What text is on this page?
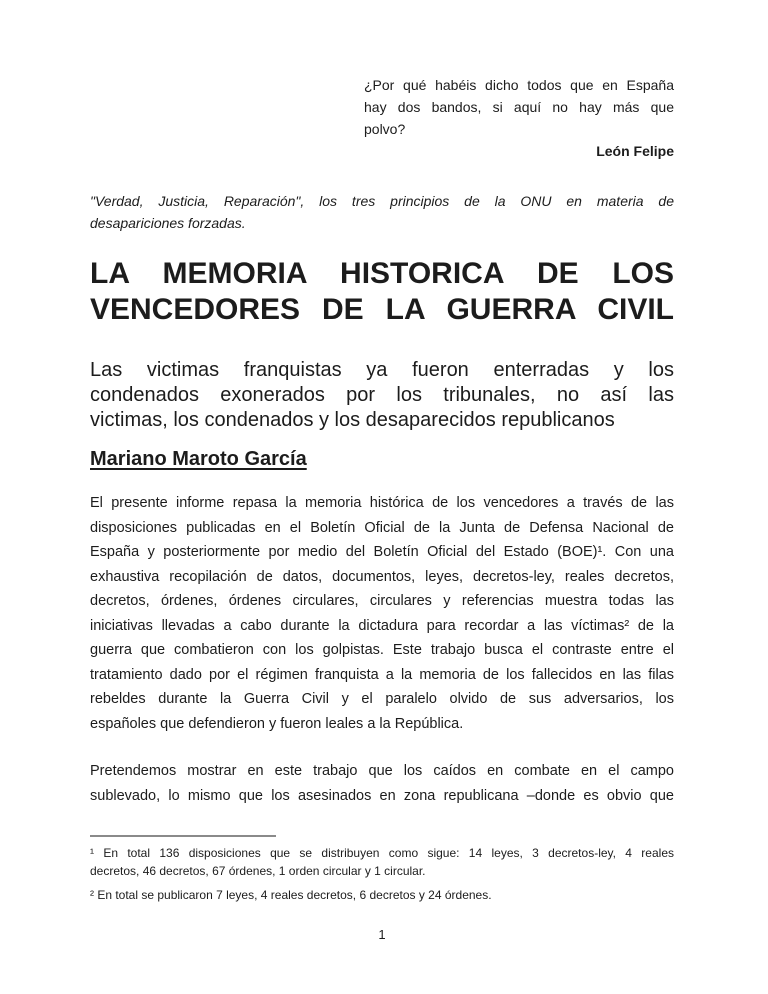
¿Por qué habéis dicho todos que en España
hay dos bandos, si aquí no hay más que
polvo?
León Felipe
"Verdad, Justicia, Reparación", los tres principios de la ONU en materia de
desapariciones forzadas.
LA MEMORIA HISTORICA DE LOS
VENCEDORES DE LA GUERRA CIVIL
Las victimas franquistas ya fueron enterradas y los
condenados exonerados por los tribunales, no así las
victimas, los condenados y los desaparecidos republicanos
Mariano Maroto García
El presente informe repasa la memoria histórica de los vencedores a través de las
disposiciones publicadas en el Boletín Oficial de la Junta de Defensa Nacional de
España y posteriormente por medio del Boletín Oficial del Estado (BOE)¹. Con una
exhaustiva recopilación de datos, documentos, leyes, decretos-ley, reales decretos,
decretos, órdenes, órdenes circulares, circulares y referencias muestra todas las
iniciativas llevadas a cabo durante la dictadura para recordar a las víctimas² de la
guerra que combatieron con los golpistas. Este trabajo busca el contraste entre el
tratamiento dado por el régimen franquista a la memoria de los fallecidos en las filas
rebeldes durante la Guerra Civil y el paralelo olvido de sus adversarios, los
españoles que defendieron y fueron leales a la República.
Pretendemos mostrar en este trabajo que los caídos en combate en el campo
sublevado, lo mismo que los asesinados en zona republicana –donde es obvio que
¹ En total 136 disposiciones que se distribuyen como sigue: 14 leyes, 3 decretos-ley, 4 reales
decretos, 46 decretos, 67 órdenes, 1 orden circular y 1 circular.
² En total se publicaron 7 leyes, 4 reales decretos, 6 decretos y 24 órdenes.
1
